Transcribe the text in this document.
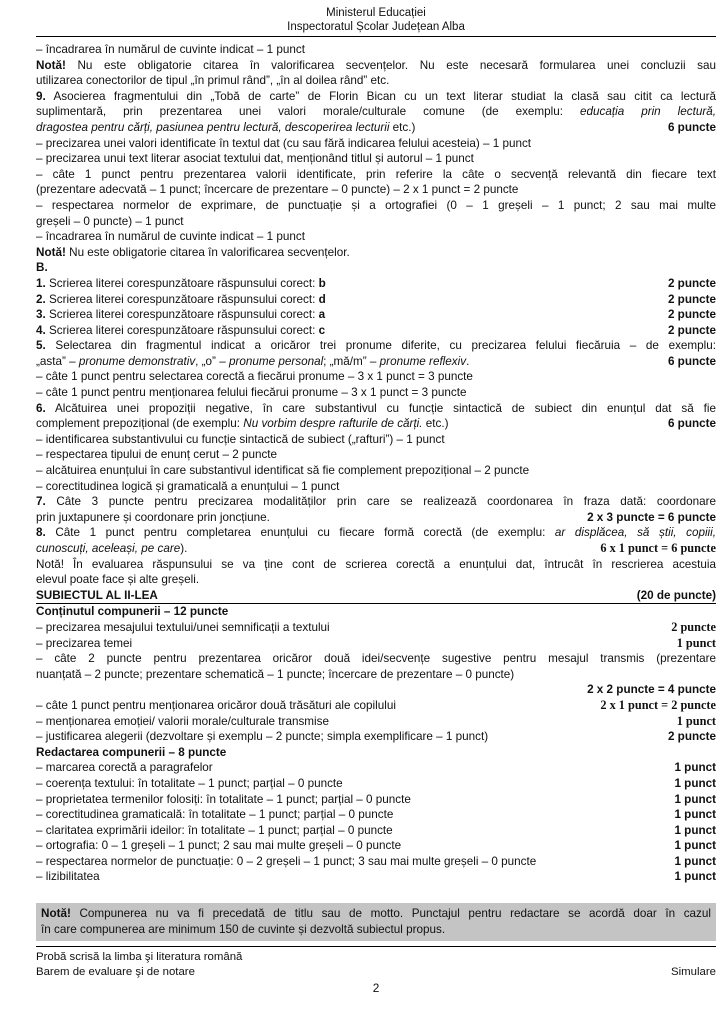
Ministerul Educației
Inspectoratul Școlar Județean Alba
– încadrarea în numărul de cuvinte indicat – 1 punct
Notă! Nu este obligatorie citarea în valorificarea secvențelor. Nu este necesară formularea unei concluzii sau
utilizarea conectorilor de tipul „în primul rând”, „în al doilea rând” etc.
9. Asocierea fragmentului din „Tobă de carte” de Florin Bican cu un text literar studiat la clasă sau citit ca lectură
suplimentară, prin prezentarea unei valori morale/culturale comune (de exemplu: educația prin lectură,
dragostea pentru cărți, pasiunea pentru lectură, descoperirea lecturii etc.)	6 puncte
– precizarea unei valori identificate în textul dat (cu sau fără indicarea felului acesteia) – 1 punct
– precizarea unui text literar asociat textului dat, menționând titlul și autorul – 1 punct
– câte 1 punct pentru prezentarea valorii identificate, prin referire la câte o secvență relevantă din fiecare text
(prezentare adecvată – 1 punct; încercare de prezentare – 0 puncte) – 2 x 1 punct = 2 puncte
– respectarea normelor de exprimare, de punctuație și a ortografiei (0 – 1 greșeli – 1 punct; 2 sau mai multe
greșeli – 0 puncte) – 1 punct
– încadrarea în numărul de cuvinte indicat – 1 punct
Notă! Nu este obligatorie citarea în valorificarea secvențelor.
B.
1. Scrierea literei corespunzătoare răspunsului corect: b	2 puncte
2. Scrierea literei corespunzătoare răspunsului corect: d	2 puncte
3. Scrierea literei corespunzătoare răspunsului corect: a	2 puncte
4. Scrierea literei corespunzătoare răspunsului corect: c	2 puncte
5. Selectarea din fragmentul indicat a oricăror trei pronume diferite, cu precizarea felului fiecăruia – de exemplu:
„asta” – pronume demonstrativ, „o” – pronume personal; „mă/m” – pronume reflexiv.	6 puncte
– câte 1 punct pentru selectarea corectă a fiecărui pronume – 3 x 1 punct = 3 puncte
– câte 1 punct pentru menționarea felului fiecărui pronume – 3 x 1 punct = 3 puncte
6. Alcătuirea unei propoziții negative, în care substantivul cu funcție sintactică de subiect din enunțul dat să fie
complement prepozițional (de exemplu: Nu vorbim despre rafturile de cărți. etc.)	6 puncte
– identificarea substantivului cu funcție sintactică de subiect („rafturi”) – 1 punct
– respectarea tipului de enunț cerut – 2 puncte
– alcătuirea enunțului în care substantivul identificat să fie complement prepozițional – 2 puncte
– corectitudinea logică și gramaticală a enunțului – 1 punct
7. Câte 3 puncte pentru precizarea modalităților prin care se realizează coordonarea în fraza dată: coordonare
prin juxtapunere și coordonare prin joncțiune.	2 x 3 puncte = 6 puncte
8. Câte 1 punct pentru completarea enunțului cu fiecare formă corectă (de exemplu: ar displăcea, să știi, copiii,
cunoscuți, aceleași, pe care).	6 x 1 punct = 6 puncte
Notă! În evaluarea răspunsului se va ține cont de scrierea corectă a enunțului dat, întrucât în rescrierea acestuia
elevul poate face și alte greșeli.
SUBIECTUL AL II-LEA	(20 de puncte)
Conținutul compunerii – 12 puncte
– precizarea mesajului textului/unei semnificații a textului	2 puncte
– precizarea temei	1 punct
– câte 2 puncte pentru prezentarea oricăror două idei/secvențe sugestive pentru mesajul transmis (prezentare
nuanțată – 2 puncte; prezentare schematică – 1 puncte; încercare de prezentare – 0 puncte)
2 x 2 puncte = 4 puncte
– câte 1 punct pentru menționarea oricăror două trăsături ale copilului	2 x 1 punct = 2 puncte
– menționarea emoției/ valorii morale/culturale transmise	1 punct
– justificarea alegerii (dezvoltare și exemplu – 2 puncte; simpla exemplificare – 1 punct)	2 puncte
Redactarea compunerii – 8 puncte
– marcarea corectă a paragrafelor	1 punct
– coerența textului: în totalitate – 1 punct; parțial – 0 puncte	1 punct
– proprietatea termenilor folosiți: în totalitate – 1 punct; parțial – 0 puncte	1 punct
– corectitudinea gramaticală: în totalitate – 1 punct; parțial – 0 puncte	1 punct
– claritatea exprimării ideilor: în totalitate – 1 punct; parțial – 0 puncte	1 punct
– ortografia: 0 – 1 greșeli – 1 punct; 2 sau mai multe greșeli – 0 puncte	1 punct
– respectarea normelor de punctuație: 0 – 2 greșeli – 1 punct; 3 sau mai multe greșeli – 0 puncte	1 punct
– lizibilitatea	1 punct
Notă! Compunerea nu va fi precedată de titlu sau de motto. Punctajul pentru redactare se acordă doar în cazul
în care compunerea are minimum 150 de cuvinte și dezvoltă subiectul propus.
Probă scrisă la limba şi literatura română
Barem de evaluare şi de notare	Simulare
2
